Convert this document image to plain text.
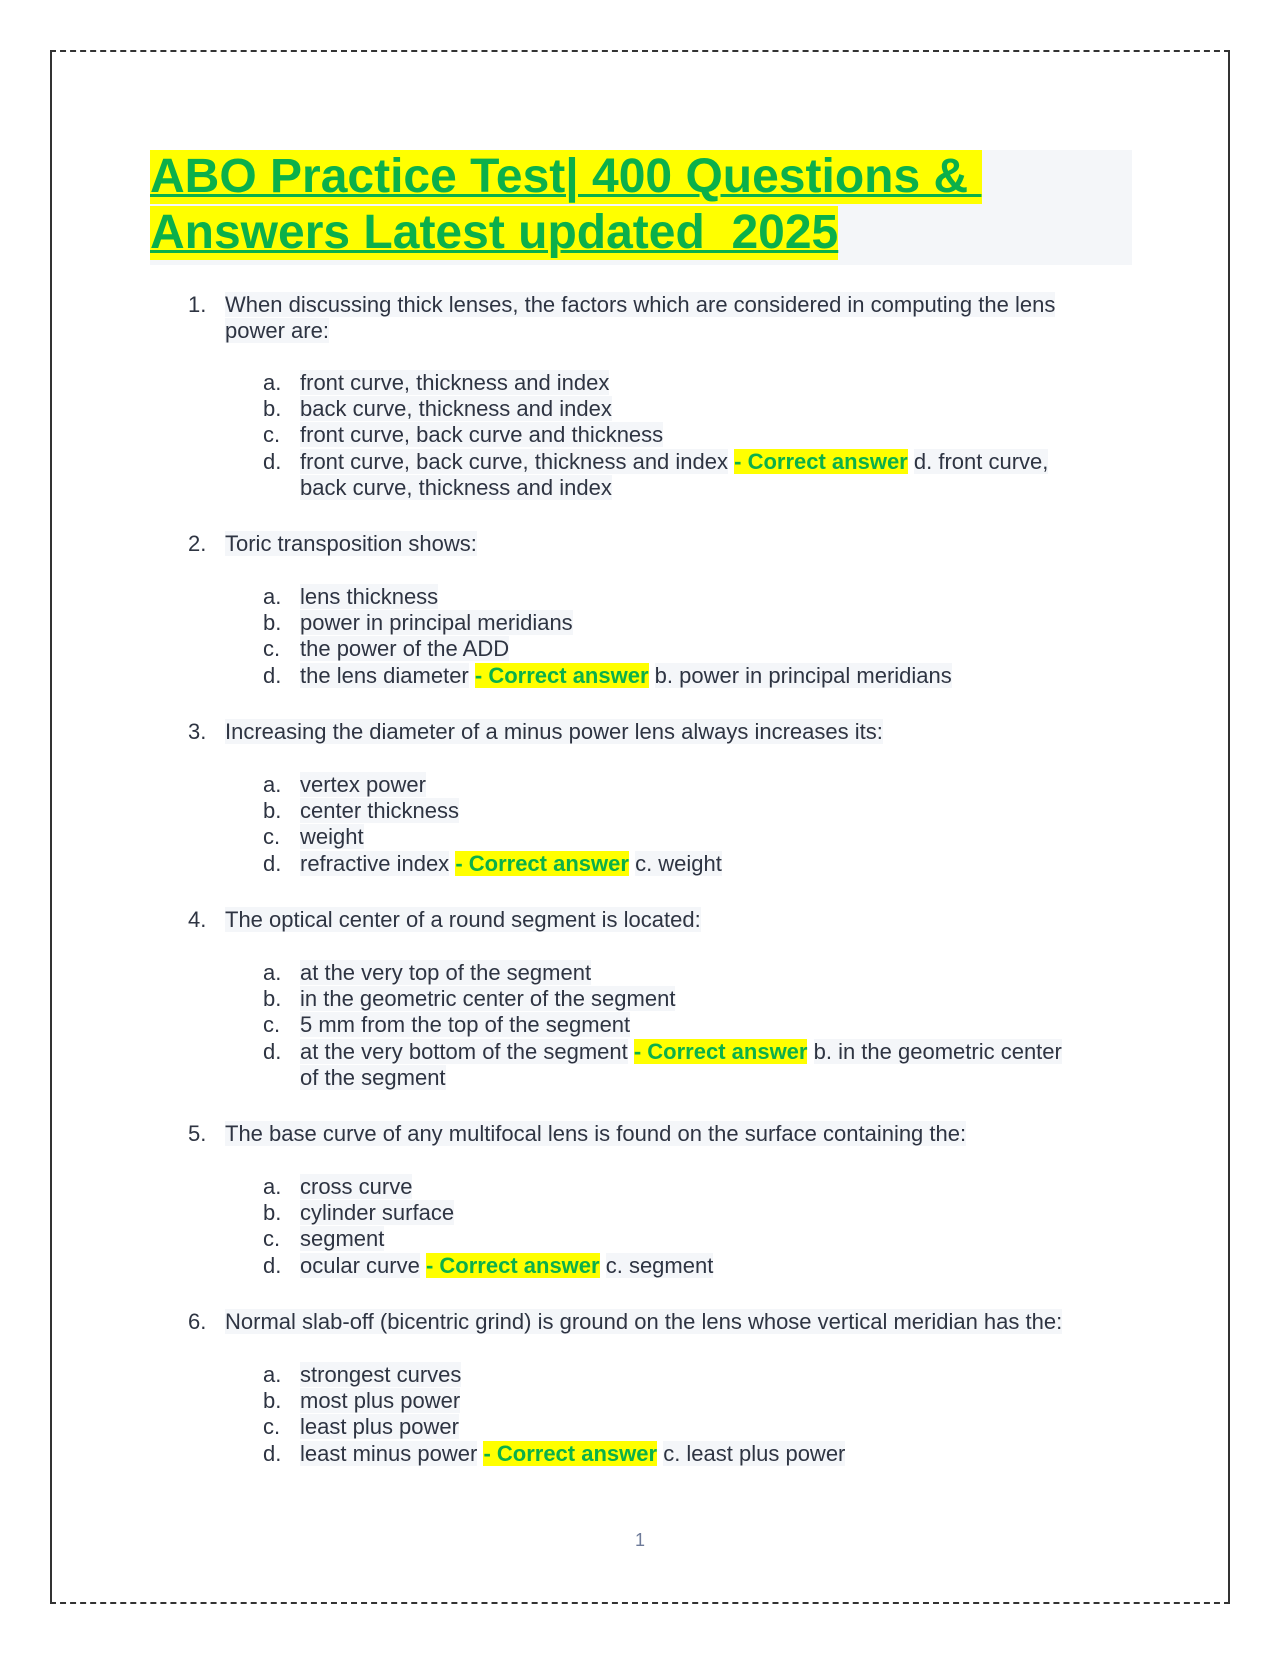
ABO Practice Test| 400 Questions &
Answers Latest updated  2025
1. When discussing thick lenses, the factors which are considered in computing the lens
power are:
a. front curve, thickness and index
b. back curve, thickness and index
c. front curve, back curve and thickness
d. front curve, back curve, thickness and index - Correct answer d. front curve,
back curve, thickness and index
2. Toric transposition shows:
a. lens thickness
b. power in principal meridians
c. the power of the ADD
d. the lens diameter - Correct answer b. power in principal meridians
3. Increasing the diameter of a minus power lens always increases its:
a. vertex power
b. center thickness
c. weight
d. refractive index - Correct answer c. weight
4. The optical center of a round segment is located:
a. at the very top of the segment
b. in the geometric center of the segment
c. 5 mm from the top of the segment
d. at the very bottom of the segment - Correct answer b. in the geometric center
of the segment
5. The base curve of any multifocal lens is found on the surface containing the:
a. cross curve
b. cylinder surface
c. segment
d. ocular curve - Correct answer c. segment
6. Normal slab-off (bicentric grind) is ground on the lens whose vertical meridian has the:
a. strongest curves
b. most plus power
c. least plus power
d. least minus power - Correct answer c. least plus power
1
